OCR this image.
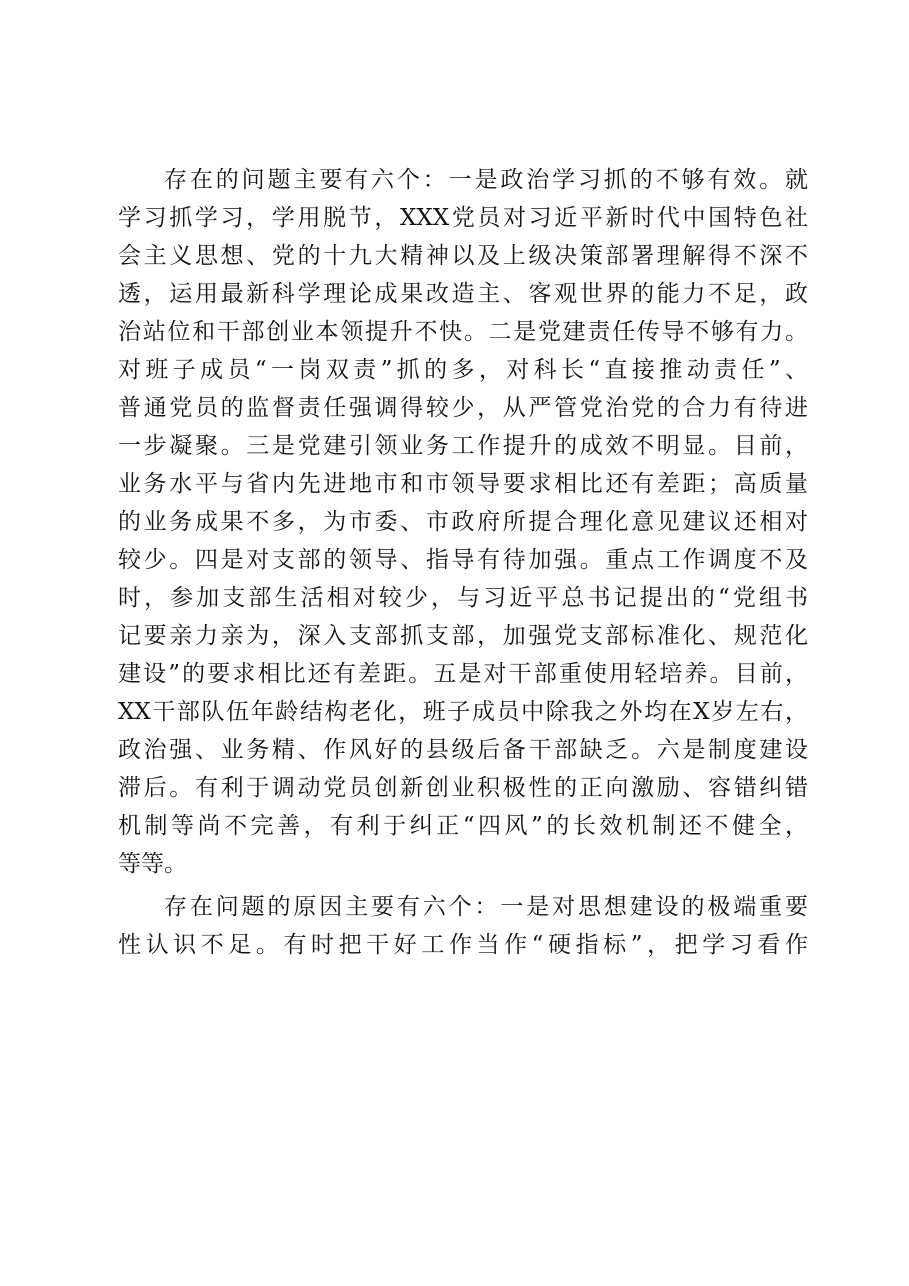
存在的问题主要有六个：一是政治学习抓的不够有效。就
学习抓学习，学用脱节，XXX党员对习近平新时代中国特色社
会主义思想、党的十九大精神以及上级决策部署理解得不深不
透，运用最新科学理论成果改造主、客观世界的能力不足，政
治站位和干部创业本领提升不快。二是党建责任传导不够有力。
对班子成员“一岗双责”抓的多，对科长“直接推动责任”、
普通党员的监督责任强调得较少，从严管党治党的合力有待进
一步凝聚。三是党建引领业务工作提升的成效不明显。目前，
业务水平与省内先进地市和市领导要求相比还有差距；高质量
的业务成果不多，为市委、市政府所提合理化意见建议还相对
较少。四是对支部的领导、指导有待加强。重点工作调度不及
时，参加支部生活相对较少，与习近平总书记提出的“党组书
记要亲力亲为，深入支部抓支部，加强党支部标准化、规范化
建设”的要求相比还有差距。五是对干部重使用轻培养。目前，
XX干部队伍年龄结构老化，班子成员中除我之外均在X岁左右，
政治强、业务精、作风好的县级后备干部缺乏。六是制度建设
滞后。有利于调动党员创新创业积极性的正向激励、容错纠错
机制等尚不完善，有利于纠正“四风”的长效机制还不健全，
等等。
存在问题的原因主要有六个：一是对思想建设的极端重要
性认识不足。有时把干好工作当作“硬指标”，把学习看作
